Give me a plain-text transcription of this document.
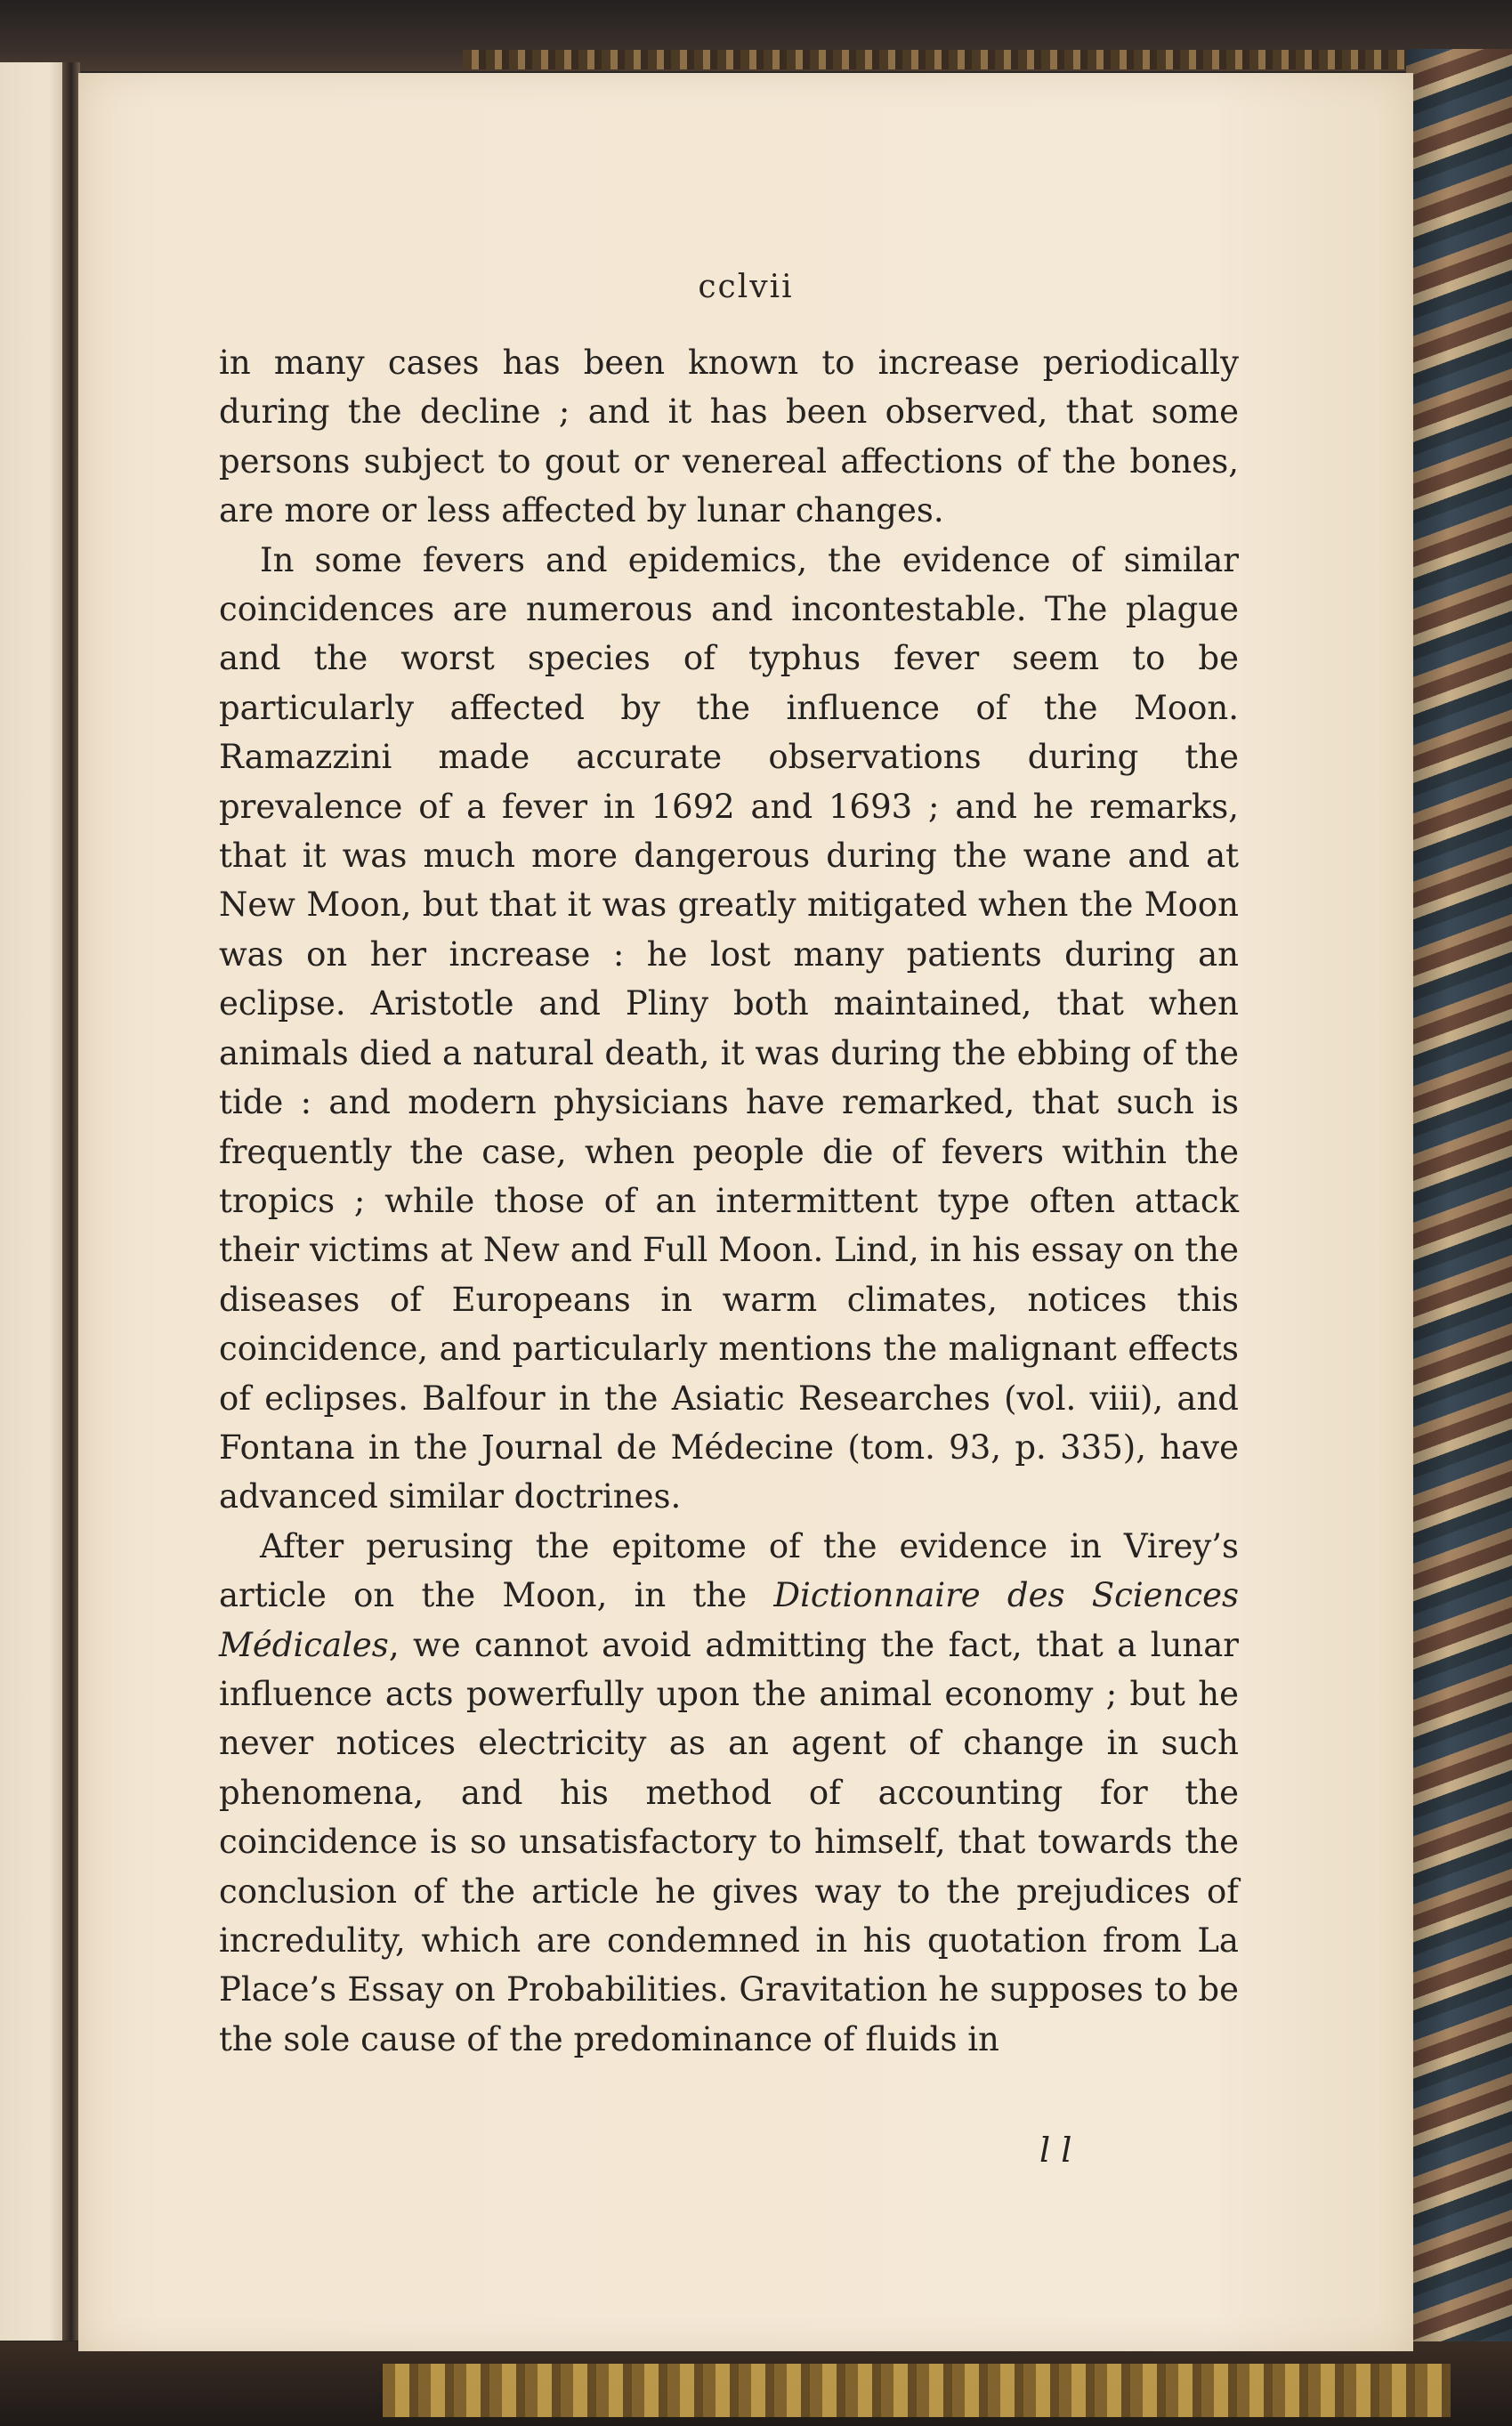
cclvii

in many cases has been known to increase periodically during the decline ; and it has been observed, that some persons subject to gout or venereal affections of the bones, are more or less affected by lunar changes.

In some fevers and epidemics, the evidence of similar coincidences are numerous and incontestable. The plague and the worst species of typhus fever seem to be particularly affected by the influence of the Moon. Ramazzini made accurate observations during the prevalence of a fever in 1692 and 1693 ; and he remarks, that it was much more dangerous during the wane and at New Moon, but that it was greatly mitigated when the Moon was on her increase : he lost many patients during an eclipse. Aristotle and Pliny both maintained, that when animals died a natural death, it was during the ebbing of the tide : and modern physicians have remarked, that such is frequently the case, when people die of fevers within the tropics ; while those of an intermittent type often attack their victims at New and Full Moon. Lind, in his essay on the diseases of Europeans in warm climates, notices this coincidence, and particularly mentions the malignant effects of eclipses. Balfour in the Asiatic Researches (vol. viii), and Fontana in the Journal de Médecine (tom. 93, p. 335), have advanced similar doctrines.

After perusing the epitome of the evidence in Virey’s article on the Moon, in the Dictionnaire des Sciences Médicales, we cannot avoid admitting the fact, that a lunar influence acts powerfully upon the animal economy ; but he never notices electricity as an agent of change in such phenomena, and his method of accounting for the coincidence is so unsatisfactory to himself, that towards the conclusion of the article he gives way to the prejudices of incredulity, which are condemned in his quotation from La Place’s Essay on Probabilities. Gravitation he supposes to be the sole cause of the predominance of fluids in

l l
